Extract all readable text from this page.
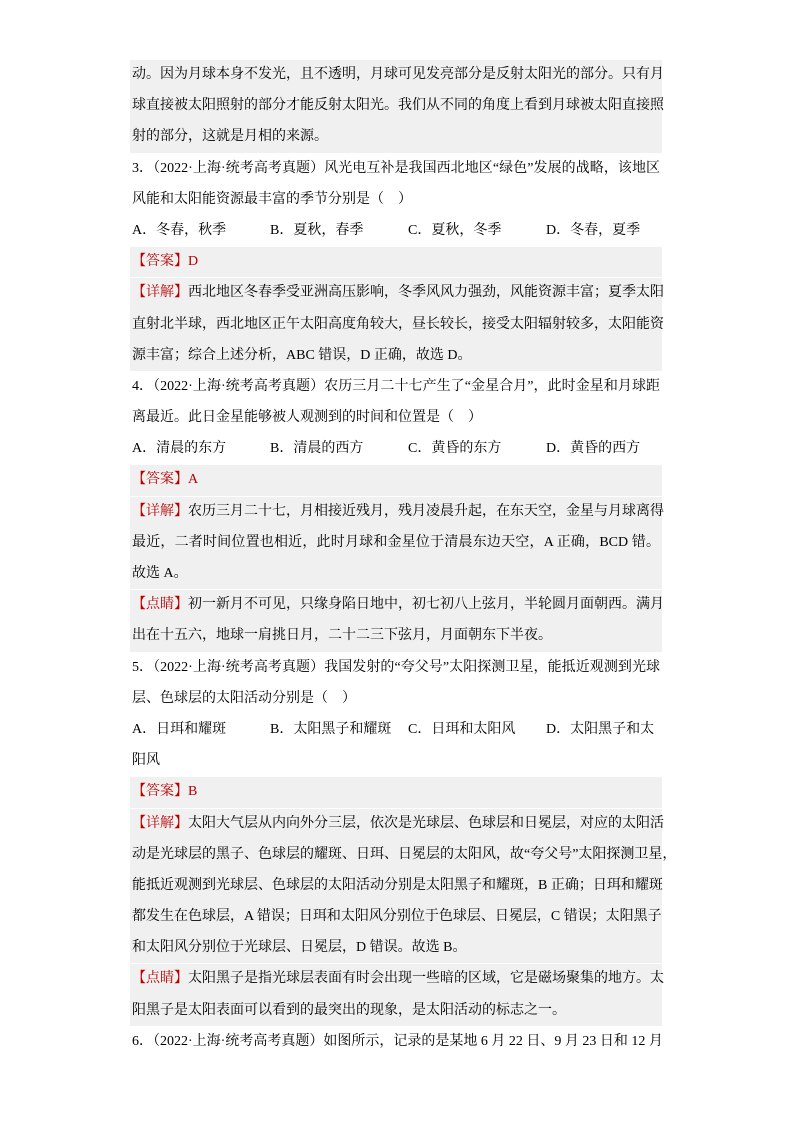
动。因为月球本身不发光，且不透明，月球可见发亮部分是反射太阳光的部分。只有月
球直接被太阳照射的部分才能反射太阳光。我们从不同的角度上看到月球被太阳直接照
射的部分，这就是月相的来源。
3．（2022·上海·统考高考真题）风光电互补是我国西北地区“绿色”发展的战略，该地区
风能和太阳能资源最丰富的季节分别是（　）
A．冬春，秋季	B．夏秋，春季	C．夏秋，冬季	D．冬春，夏季
【答案】D
【详解】西北地区冬春季受亚洲高压影响，冬季风风力强劲，风能资源丰富；夏季太阳
直射北半球，西北地区正午太阳高度角较大，昼长较长，接受太阳辐射较多，太阳能资
源丰富；综合上述分析，ABC 错误，D 正确，故选 D。
4．（2022·上海·统考高考真题）农历三月二十七产生了“金星合月”，此时金星和月球距
离最近。此日金星能够被人观测到的时间和位置是（　）
A．清晨的东方	B．清晨的西方	C．黄昏的东方	D．黄昏的西方
【答案】A
【详解】农历三月二十七，月相接近残月，残月凌晨升起，在东天空，金星与月球离得
最近，二者时间位置也相近，此时月球和金星位于清晨东边天空，A 正确，BCD 错。
故选 A。
【点睛】初一新月不可见，只缘身陷日地中，初七初八上弦月，半轮圆月面朝西。满月
出在十五六，地球一肩挑日月，二十二三下弦月，月面朝东下半夜。
5．（2022·上海·统考高考真题）我国发射的“夸父号”太阳探测卫星，能抵近观测到光球
层、色球层的太阳活动分别是（　）
A．日珥和耀斑	B．太阳黑子和耀斑 C．日珥和太阳风 D．太阳黑子和太阳风
【答案】B
【详解】太阳大气层从内向外分三层，依次是光球层、色球层和日冕层，对应的太阳活
动是光球层的黑子、色球层的耀斑、日珥、日冕层的太阳风，故“夸父号”太阳探测卫星，
能抵近观测到光球层、色球层的太阳活动分别是太阳黑子和耀斑，B 正确；日珥和耀斑
都发生在色球层，A 错误；日珥和太阳风分别位于色球层、日冕层，C 错误；太阳黑子
和太阳风分别位于光球层、日冕层，D 错误。故选 B。
【点睛】太阳黑子是指光球层表面有时会出现一些暗的区域，它是磁场聚集的地方。太
阳黑子是太阳表面可以看到的最突出的现象，是太阳活动的标志之一。
6．（2022·上海·统考高考真题）如图所示，记录的是某地 6 月 22 日、9 月 23 日和 12 月
